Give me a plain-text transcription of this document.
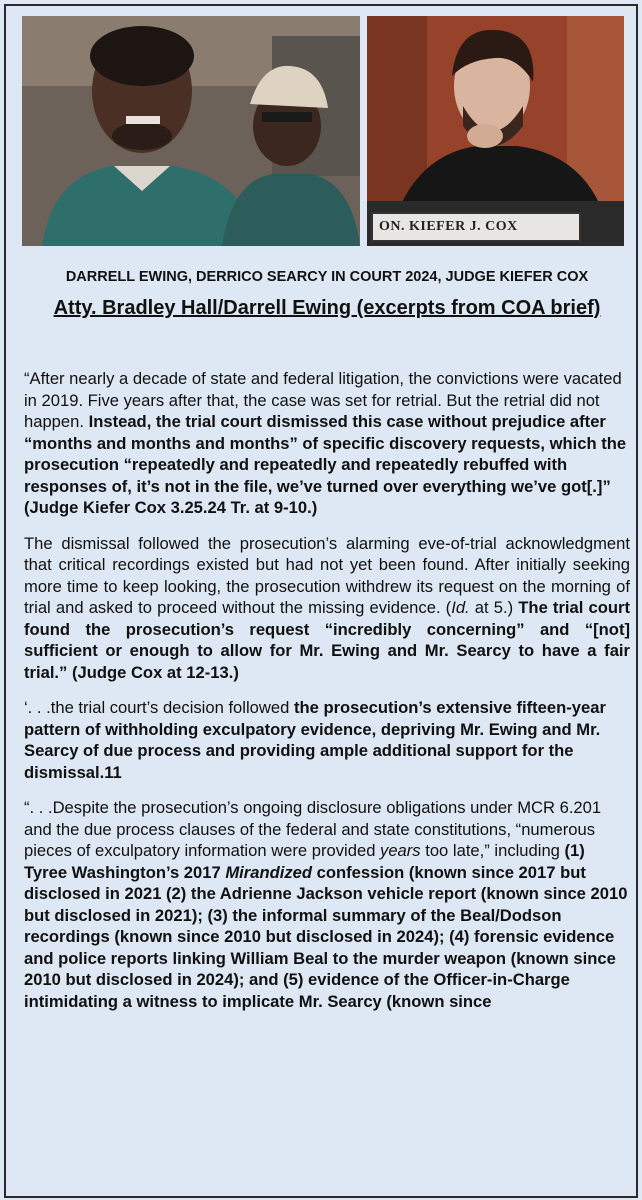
ON. KIEFER J. COX
DARRELL EWING, DERRICO SEARCY IN COURT 2024, JUDGE KIEFER COX
Atty. Bradley Hall/Darrell Ewing (excerpts from COA brief)

“After nearly a decade of state and federal litigation, the convictions were vacated in 2019. Five years after that, the case was set for retrial. But the retrial did not happen. Instead, the trial court dismissed this case without prejudice after “months and months and months” of specific discovery requests, which the prosecution “repeatedly and repeatedly and repeatedly rebuffed with responses of, it’s not in the file, we’ve turned over everything we’ve got[.]” (Judge Kiefer Cox 3.25.24 Tr. at 9-10.)

The dismissal followed the prosecution’s alarming eve-of-trial acknowledgment that critical recordings existed but had not yet been found. After initially seeking more time to keep looking, the prosecution withdrew its request on the morning of trial and asked to proceed without the missing evidence. (Id. at 5.) The trial court found the prosecution’s request “incredibly concerning” and “[not] sufficient or enough to allow for Mr. Ewing and Mr. Searcy to have a fair trial.” (Judge Cox at 12-13.)

‘. . .the trial court’s decision followed the prosecution’s extensive fifteen-year pattern of withholding exculpatory evidence, depriving Mr. Ewing and Mr. Searcy of due process and providing ample additional support for the dismissal.11

“. . .Despite the prosecution’s ongoing disclosure obligations under MCR 6.201 and the due process clauses of the federal and state constitutions, “numerous pieces of exculpatory information were provided years too late,” including (1) Tyree Washington’s 2017 Mirandized confession (known since 2017 but disclosed in 2021 (2) the Adrienne Jackson vehicle report (known since 2010 but disclosed in 2021); (3) the informal summary of the Beal/Dodson recordings (known since 2010 but disclosed in 2024); (4) forensic evidence and police reports linking William Beal to the murder weapon (known since 2010 but disclosed in 2024); and (5) evidence of the Officer-in-Charge intimidating a witness to implicate Mr. Searcy (known since
